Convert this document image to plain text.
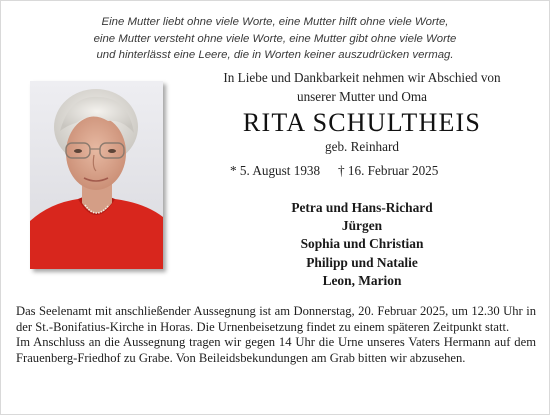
Eine Mutter liebt ohne viele Worte, eine Mutter hilft ohne viele Worte,
eine Mutter versteht ohne viele Worte, eine Mutter gibt ohne viele Worte
und hinterlässt eine Leere, die in Worten keiner auszudrücken vermag.
In Liebe und Dankbarkeit nehmen wir Abschied von
unserer Mutter und Oma
RITA SCHULTHEIS
geb. Reinhard
* 5. August 1938 † 16. Februar 2025
Petra und Hans-Richard
Jürgen
Sophia und Christian
Philipp und Natalie
Leon, Marion

Das Seelenamt mit anschließender Aussegnung ist am Donnerstag, 20. Februar 2025, um 12.30 Uhr in der St.-Bonifatius-Kirche in Horas. Die Urnenbeisetzung findet zu einem späteren Zeitpunkt statt.

Im Anschluss an die Aussegnung tragen wir gegen 14 Uhr die Urne unseres Vaters Hermann auf dem Frauenberg-Friedhof zu Grabe. Von Beileidsbekundungen am Grab bitten wir abzusehen.
